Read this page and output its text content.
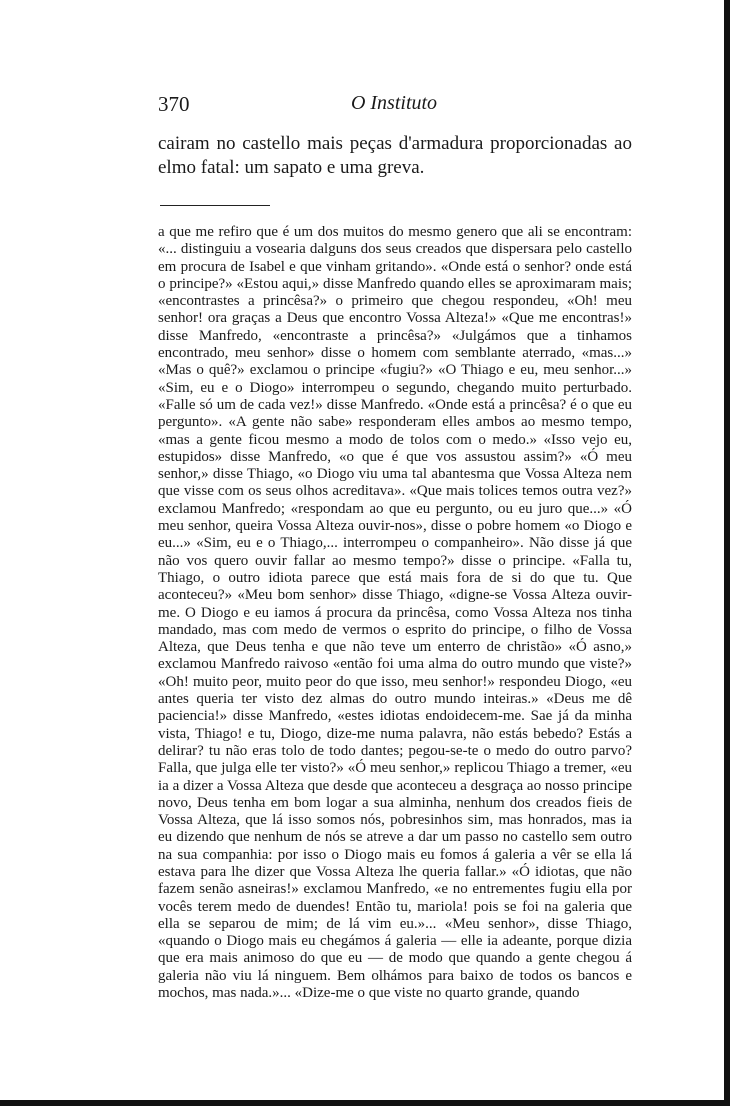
370	O Instituto

cairam no castello mais peças d'armadura proporcionadas ao elmo fatal: um sapato e uma greva.

a que me refiro que é um dos muitos do mesmo genero que ali se encontram: «... distinguiu a vosearia dalguns dos seus creados que dispersara pelo castello em procura de Isabel e que vinham gritando». «Onde está o senhor? onde está o principe?» «Estou aqui,» disse Manfredo quando elles se aproximaram mais; «encontrastes a princêsa?» o primeiro que chegou respondeu, «Oh! meu senhor! ora graças a Deus que encontro Vossa Alteza!» «Que me encontras!» disse Manfredo, «encontraste a princêsa?» «Julgámos que a tinhamos encontrado, meu senhor» disse o homem com semblante aterrado, «mas...» «Mas o quê?» exclamou o principe «fugiu?» «O Thiago e eu, meu senhor...» «Sim, eu e o Diogo» interrompeu o segundo, chegando muito perturbado. «Falle só um de cada vez!» disse Manfredo. «Onde está a princêsa? é o que eu pergunto». «A gente não sabe» responderam elles ambos ao mesmo tempo, «mas a gente ficou mesmo a modo de tolos com o medo.» «Isso vejo eu, estupidos» disse Manfredo, «o que é que vos assustou assim?» «Ó meu senhor,» disse Thiago, «o Diogo viu uma tal abantesma que Vossa Alteza nem que visse com os seus olhos acreditava». «Que mais tolices temos outra vez?» exclamou Manfredo; «respondam ao que eu pergunto, ou eu juro que...» «Ó meu senhor, queira Vossa Alteza ouvir-nos», disse o pobre homem «o Diogo e eu...» «Sim, eu e o Thiago,... interrompeu o companheiro». Não disse já que não vos quero ouvir fallar ao mesmo tempo?» disse o principe. «Falla tu, Thiago, o outro idiota parece que está mais fora de si do que tu. Que aconteceu?» «Meu bom senhor» disse Thiago, «digne-se Vossa Alteza ouvir-me. O Diogo e eu iamos á procura da princêsa, como Vossa Alteza nos tinha mandado, mas com medo de vermos o esprito do principe, o filho de Vossa Alteza, que Deus tenha e que não teve um enterro de christão» «Ó asno,» exclamou Manfredo raivoso «então foi uma alma do outro mundo que viste?» «Oh! muito peor, muito peor do que isso, meu senhor!» respondeu Diogo, «eu antes queria ter visto dez almas do outro mundo inteiras.» «Deus me dê paciencia!» disse Manfredo, «estes idiotas endoidecem-me. Sae já da minha vista, Thiago! e tu, Diogo, dize-me numa palavra, não estás bebedo? Estás a delirar? tu não eras tolo de todo dantes; pegou-se-te o medo do outro parvo? Falla, que julga elle ter visto?» «Ó meu senhor,» replicou Thiago a tremer, «eu ia a dizer a Vossa Alteza que desde que aconteceu a desgraça ao nosso principe novo, Deus tenha em bom logar a sua alminha, nenhum dos creados fieis de Vossa Alteza, que lá isso somos nós, pobresinhos sim, mas honrados, mas ia eu dizendo que nenhum de nós se atreve a dar um passo no castello sem outro na sua companhia: por isso o Diogo mais eu fomos á galeria a vêr se ella lá estava para lhe dizer que Vossa Alteza lhe queria fallar.» «Ó idiotas, que não fazem senão asneiras!» exclamou Manfredo, «e no entrementes fugiu ella por vocês terem medo de duendes! Então tu, mariola! pois se foi na galeria que ella se separou de mim; de lá vim eu.»... «Meu senhor», disse Thiago, «quando o Diogo mais eu chegámos á galeria — elle ia adeante, porque dizia que era mais animoso do que eu — de modo que quando a gente chegou á galeria não viu lá ninguem. Bem olhámos para baixo de todos os bancos e mochos, mas nada.»... «Dize-me o que viste no quarto grande, quando
